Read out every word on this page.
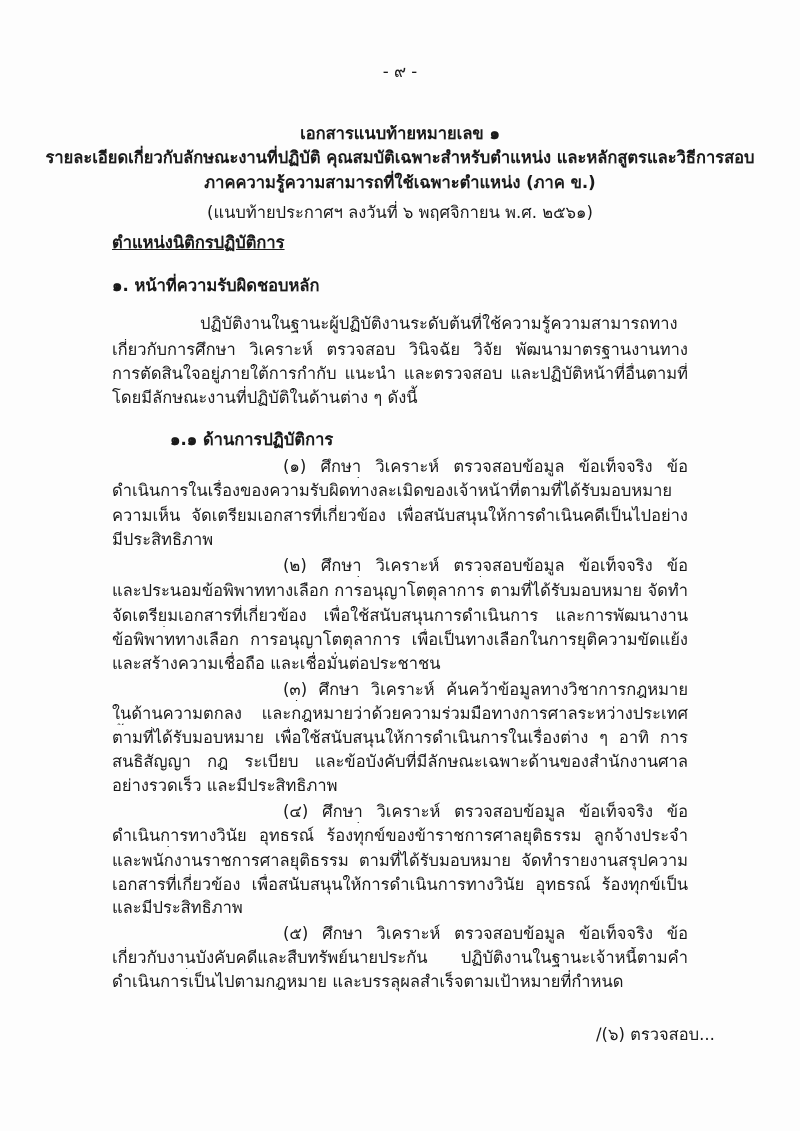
- ๙ -
เอกสารแนบท้ายหมายเลข ๑
รายละเอียดเกี่ยวกับลักษณะงานที่ปฏิบัติ คุณสมบัติเฉพาะสำหรับตำแหน่ง และหลักสูตรและวิธีการสอบ
ภาคความรู้ความสามารถที่ใช้เฉพาะตำแหน่ง (ภาค ข.)
(แนบท้ายประกาศฯ ลงวันที่ ๖ พฤศจิกายน พ.ศ. ๒๕๖๑)
ตำแหน่งนิติกรปฏิบัติการ
๑. หน้าที่ความรับผิดชอบหลัก
ปฏิบัติงานในฐานะผู้ปฏิบัติงานระดับต้นที่ใช้ความรู้ความสามารถทาง
เกี่ยวกับการศึกษา วิเคราะห์ ตรวจสอบ วินิจฉัย วิจัย พัฒนามาตรฐานงานทาง
การตัดสินใจอยู่ภายใต้การกำกับ แนะนำ และตรวจสอบ และปฏิบัติหน้าที่อื่นตามที่
โดยมีลักษณะงานที่ปฏิบัติในด้านต่าง ๆ ดังนี้
๑.๑ ด้านการปฏิบัติการ
(๑) ศึกษา วิเคราะห์ ตรวจสอบข้อมูล ข้อเท็จจริง ข้อ
ดำเนินการในเรื่องของความรับผิดทางละเมิดของเจ้าหน้าที่ตามที่ได้รับมอบหมาย
ความเห็น จัดเตรียมเอกสารที่เกี่ยวข้อง เพื่อสนับสนุนให้การดำเนินคดีเป็นไปอย่าง
มีประสิทธิภาพ
(๒) ศึกษา วิเคราะห์ ตรวจสอบข้อมูล ข้อเท็จจริง ข้อ
และประนอมข้อพิพาททางเลือก การอนุญาโตตุลาการ ตามที่ได้รับมอบหมาย จัดทำ
จัดเตรียมเอกสารที่เกี่ยวข้อง เพื่อใช้สนับสนุนการดำเนินการ และการพัฒนางาน
ข้อพิพาททางเลือก การอนุญาโตตุลาการ เพื่อเป็นทางเลือกในการยุติความขัดแย้ง
และสร้างความเชื่อถือ และเชื่อมั่นต่อประชาชน
(๓) ศึกษา วิเคราะห์ ค้นคว้าข้อมูลทางวิชาการกฎหมาย
ในด้านความตกลง และกฎหมายว่าด้วยความร่วมมือทางการศาลระหว่างประเทศ
ตามที่ได้รับมอบหมาย เพื่อใช้สนับสนุนให้การดำเนินการในเรื่องต่าง ๆ อาทิ การ
สนธิสัญญา กฎ ระเบียบ และข้อบังคับที่มีลักษณะเฉพาะด้านของสำนักงานศาล
อย่างรวดเร็ว และมีประสิทธิภาพ
(๔) ศึกษา วิเคราะห์ ตรวจสอบข้อมูล ข้อเท็จจริง ข้อ
ดำเนินการทางวินัย อุทธรณ์ ร้องทุกข์ของข้าราชการศาลยุติธรรม ลูกจ้างประจำ
และพนักงานราชการศาลยุติธรรม ตามที่ได้รับมอบหมาย จัดทำรายงานสรุปความ
เอกสารที่เกี่ยวข้อง เพื่อสนับสนุนให้การดำเนินการทางวินัย อุทธรณ์ ร้องทุกข์เป็น
และมีประสิทธิภาพ
(๕) ศึกษา วิเคราะห์ ตรวจสอบข้อมูล ข้อเท็จจริง ข้อ
เกี่ยวกับงานบังคับคดีและสืบทรัพย์นายประกัน ปฏิบัติงานในฐานะเจ้าหนี้ตามคำ
ดำเนินการเป็นไปตามกฎหมาย และบรรลุผลสำเร็จตามเป้าหมายที่กำหนด
/(๖) ตรวจสอบ...
